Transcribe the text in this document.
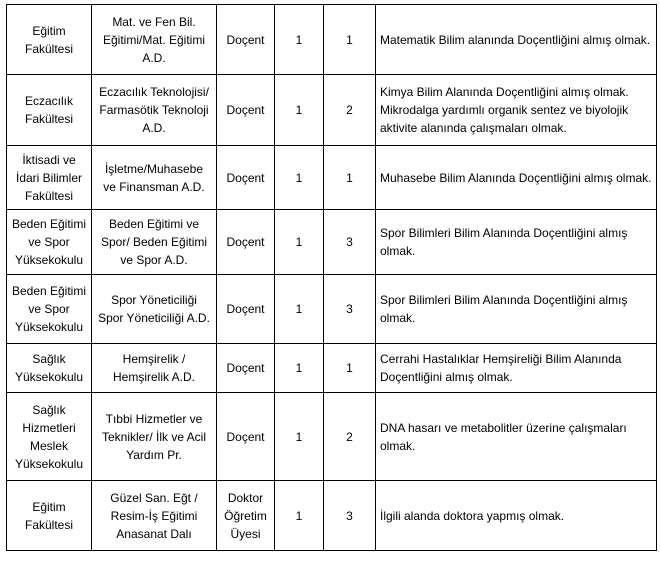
Eğitim
Fakültesi	Mat. ve Fen Bil.
Eğitimi/Mat. Eğitimi
A.D.	Doçent	1	1	Matematik Bilim alanında Doçentliğini almış olmak.

Eczacılık
Fakültesi	Eczacılık Teknolojisi/
Farmasötik Teknoloji
A.D.	Doçent	1	2	Kimya Bilim Alanında Doçentliğini almış olmak.
Mikrodalga yardımlı organik sentez ve biyolojik
aktivite alanında çalışmaları olmak.

İktisadi ve
İdari Bilimler
Fakültesi	İşletme/Muhasebe
ve Finansman A.D.	Doçent	1	1	Muhasebe Bilim Alanında Doçentliğini almış olmak.

Beden Eğitimi
ve Spor
Yüksekokulu	Beden Eğitimi ve
Spor/ Beden Eğitimi
ve Spor A.D.	Doçent	1	3	Spor Bilimleri Bilim Alanında Doçentliğini almış
olmak.

Beden Eğitimi
ve Spor
Yüksekokulu	Spor Yöneticiliği
Spor Yöneticiliği A.D.	Doçent	1	3	Spor Bilimleri Bilim Alanında Doçentliğini almış
olmak.

Sağlık
Yüksekokulu	Hemşirelik /
Hemşirelik A.D.	Doçent	1	1	Cerrahi Hastalıklar Hemşireliği Bilim Alanında
Doçentliğini almış olmak.

Sağlık
Hizmetleri
Meslek
Yüksekokulu	Tıbbi Hizmetler ve
Teknikler/ İlk ve Acil
Yardım Pr.	Doçent	1	2	DNA hasarı ve metabolitler üzerine çalışmaları
olmak.

Eğitim
Fakültesi	Güzel San. Eğt /
Resim-İş Eğitimi
Anasanat Dalı	Doktor
Öğretim
Üyesi	1	3	İlgili alanda doktora yapmış olmak.
